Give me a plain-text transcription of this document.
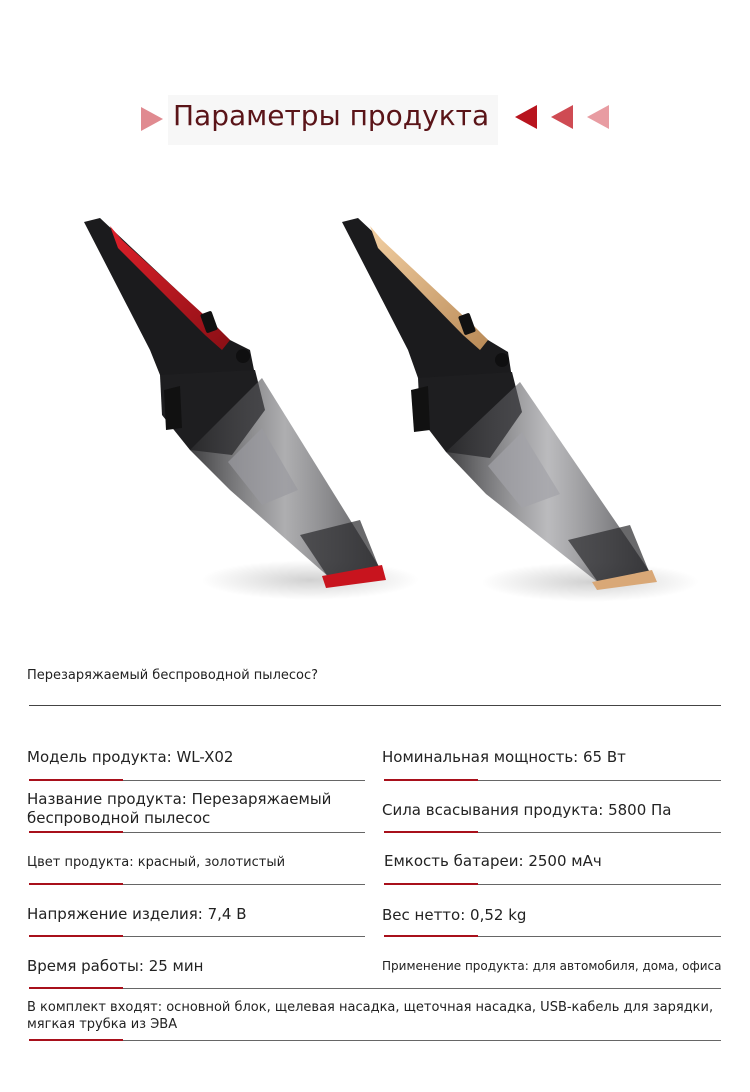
Параметры продукта
Перезаряжаемый беспроводной пылесос?
Модель продукта: WL-X02	Номинальная мощность: 65 Вт
Название продукта: Перезаряжаемый
беспроводной пылесос	Сила всасывания продукта: 5800 Па
Цвет продукта: красный, золотистый	Емкость батареи: 2500 мАч
Напряжение изделия: 7,4 В	Вес нетто: 0,52 kg
Время работы: 25 мин	Применение продукта: для автомобиля, дома, офиса
В комплект входят: основной блок, щелевая насадка, щеточная насадка, USB-кабель для зарядки,
мягкая трубка из ЭВА
